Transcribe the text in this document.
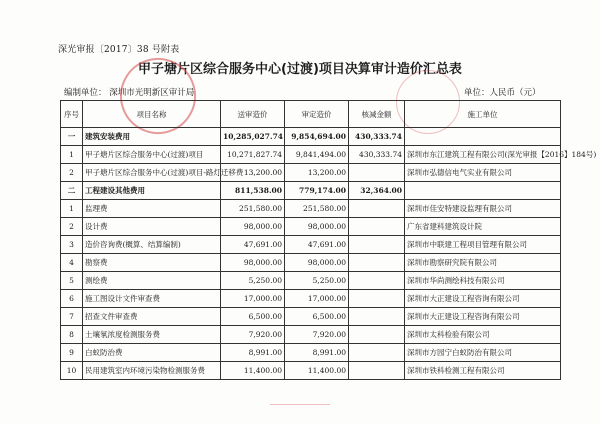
深光审报〔2017〕38 号附表
甲子塘片区综合服务中心(过渡)项目决算审计造价汇总表
编制单位： 深圳市光明新区审计局	单位：人民币（元）
序号	项目名称	送审造价	审定造价	核减金额	施工单位
一	建筑安装费用	10,285,027.74	9,854,694.00	430,333.74	
1	甲子塘片区综合服务中心(过渡)项目	10,271,827.74	9,841,494.00	430,333.74	深圳市东江建筑工程有限公司(深光审报【2016】184号)
2	甲子塘片区综合服务中心(过渡)项目-路灯迁移费	13,200.00	13,200.00		深圳市弘德信电气实业有限公司
二	工程建设其他费用	811,538.00	779,174.00	32,364.00	
1	监理费	251,580.00	251,580.00		深圳市佳安特建设监理有限公司
2	设计费	98,000.00	98,000.00		广东省建科建筑设计院
3	造价咨询费(概算、结算编制)	47,691.00	47,691.00		深圳市中联建工程项目管理有限公司
4	勘察费	98,000.00	98,000.00		深圳市勘察研究院有限公司
5	测绘费	5,250.00	5,250.00		深圳市华尚测绘科技有限公司
6	施工图设计文件审查费	17,000.00	17,000.00		深圳市大正建设工程咨询有限公司
7	招查文件审查费	6,500.00	6,500.00		深圳市大正建设工程咨询有限公司
8	土壤氡浓度检测服务费	7,920.00	7,920.00		深圳市太科检验有限公司
9	白蚁防治费	8,991.00	8,991.00		深圳市方园宁白蚁防治有限公司
10	民用建筑室内环境污染物检测服务费	11,400.00	11,400.00		深圳市铁科检测工程有限公司
